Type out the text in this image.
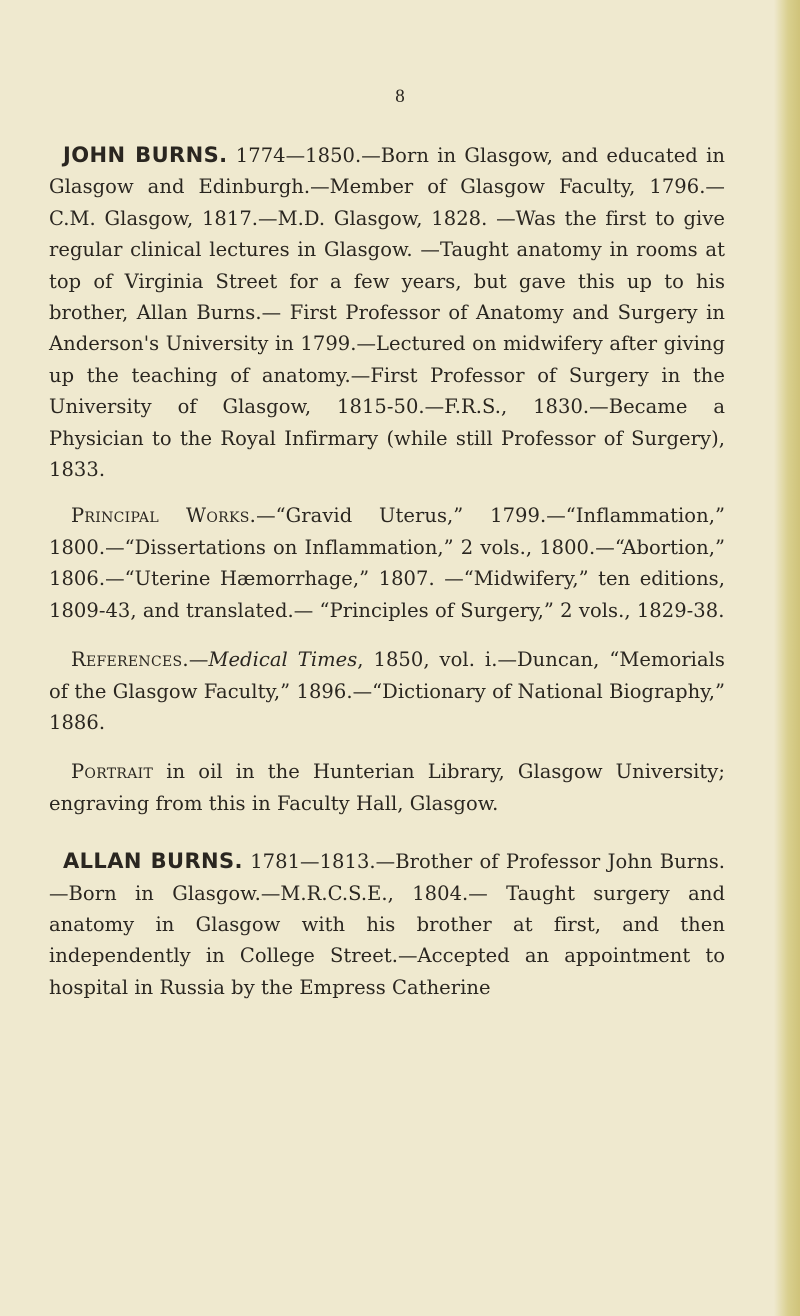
8

JOHN BURNS. 1774—1850.—Born in Glasgow, and educated in Glasgow and Edinburgh.—Member of Glasgow Faculty, 1796.—C.M. Glasgow, 1817.—M.D. Glasgow, 1828. —Was the first to give regular clinical lectures in Glasgow. —Taught anatomy in rooms at top of Virginia Street for a few years, but gave this up to his brother, Allan Burns.— First Professor of Anatomy and Surgery in Anderson's University in 1799.—Lectured on midwifery after giving up the teaching of anatomy.—First Professor of Surgery in the University of Glasgow, 1815-50.—F.R.S., 1830.—Became a Physician to the Royal Infirmary (while still Professor of Surgery), 1833.

Principal Works.—“Gravid Uterus,” 1799.—“Inflammation,” 1800.—“Dissertations on Inflammation,” 2 vols., 1800.—“Abortion,” 1806.—“Uterine Hæmorrhage,” 1807. —“Midwifery,” ten editions, 1809-43, and translated.— “Principles of Surgery,” 2 vols., 1829-38.

References.—Medical Times, 1850, vol. i.—Duncan, “Memorials of the Glasgow Faculty,” 1896.—“Dictionary of National Biography,” 1886.

Portrait in oil in the Hunterian Library, Glasgow University; engraving from this in Faculty Hall, Glasgow.

ALLAN BURNS. 1781—1813.—Brother of Professor John Burns.—Born in Glasgow.—M.R.C.S.E., 1804.— Taught surgery and anatomy in Glasgow with his brother at first, and then independently in College Street.—Accepted an appointment to hospital in Russia by the Empress Catherine
